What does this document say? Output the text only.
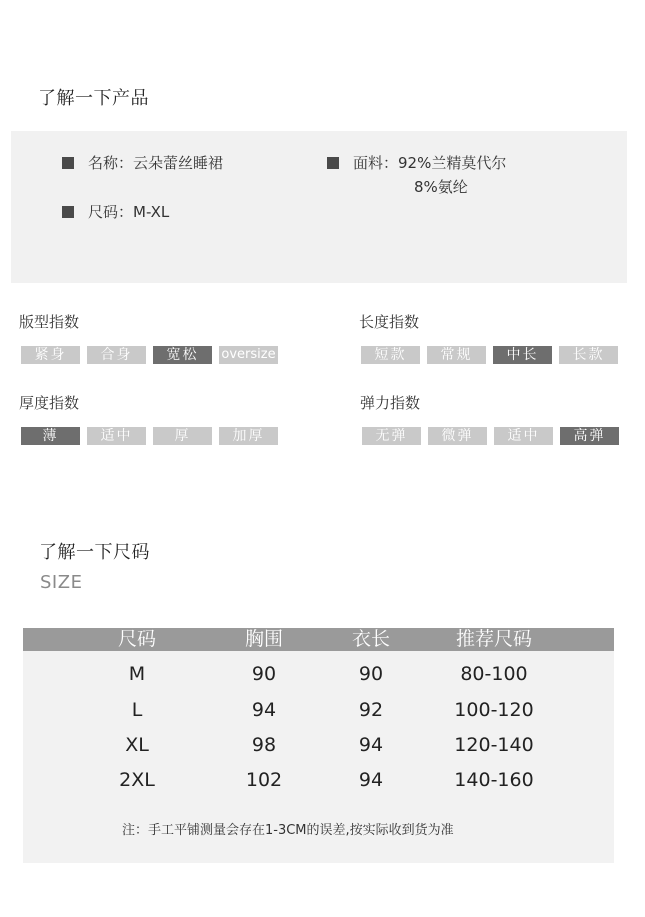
了解一下产品
名称：云朵蕾丝睡裙	面料：92%兰精莫代尔
8%氨纶
尺码：M-XL
版型指数
紧身	合身	宽松	oversize
长度指数
短款	常规	中长	长款
厚度指数
薄	适中	厚	加厚
弹力指数
无弹	微弹	适中	高弹
了解一下尺码
SIZE
尺码	胸围	衣长	推荐尺码
M	90	90	80-100
L	94	92	100-120
XL	98	94	120-140
2XL	102	94	140-160
注：手工平铺测量会存在1-3CM的误差,按实际收到货为准
